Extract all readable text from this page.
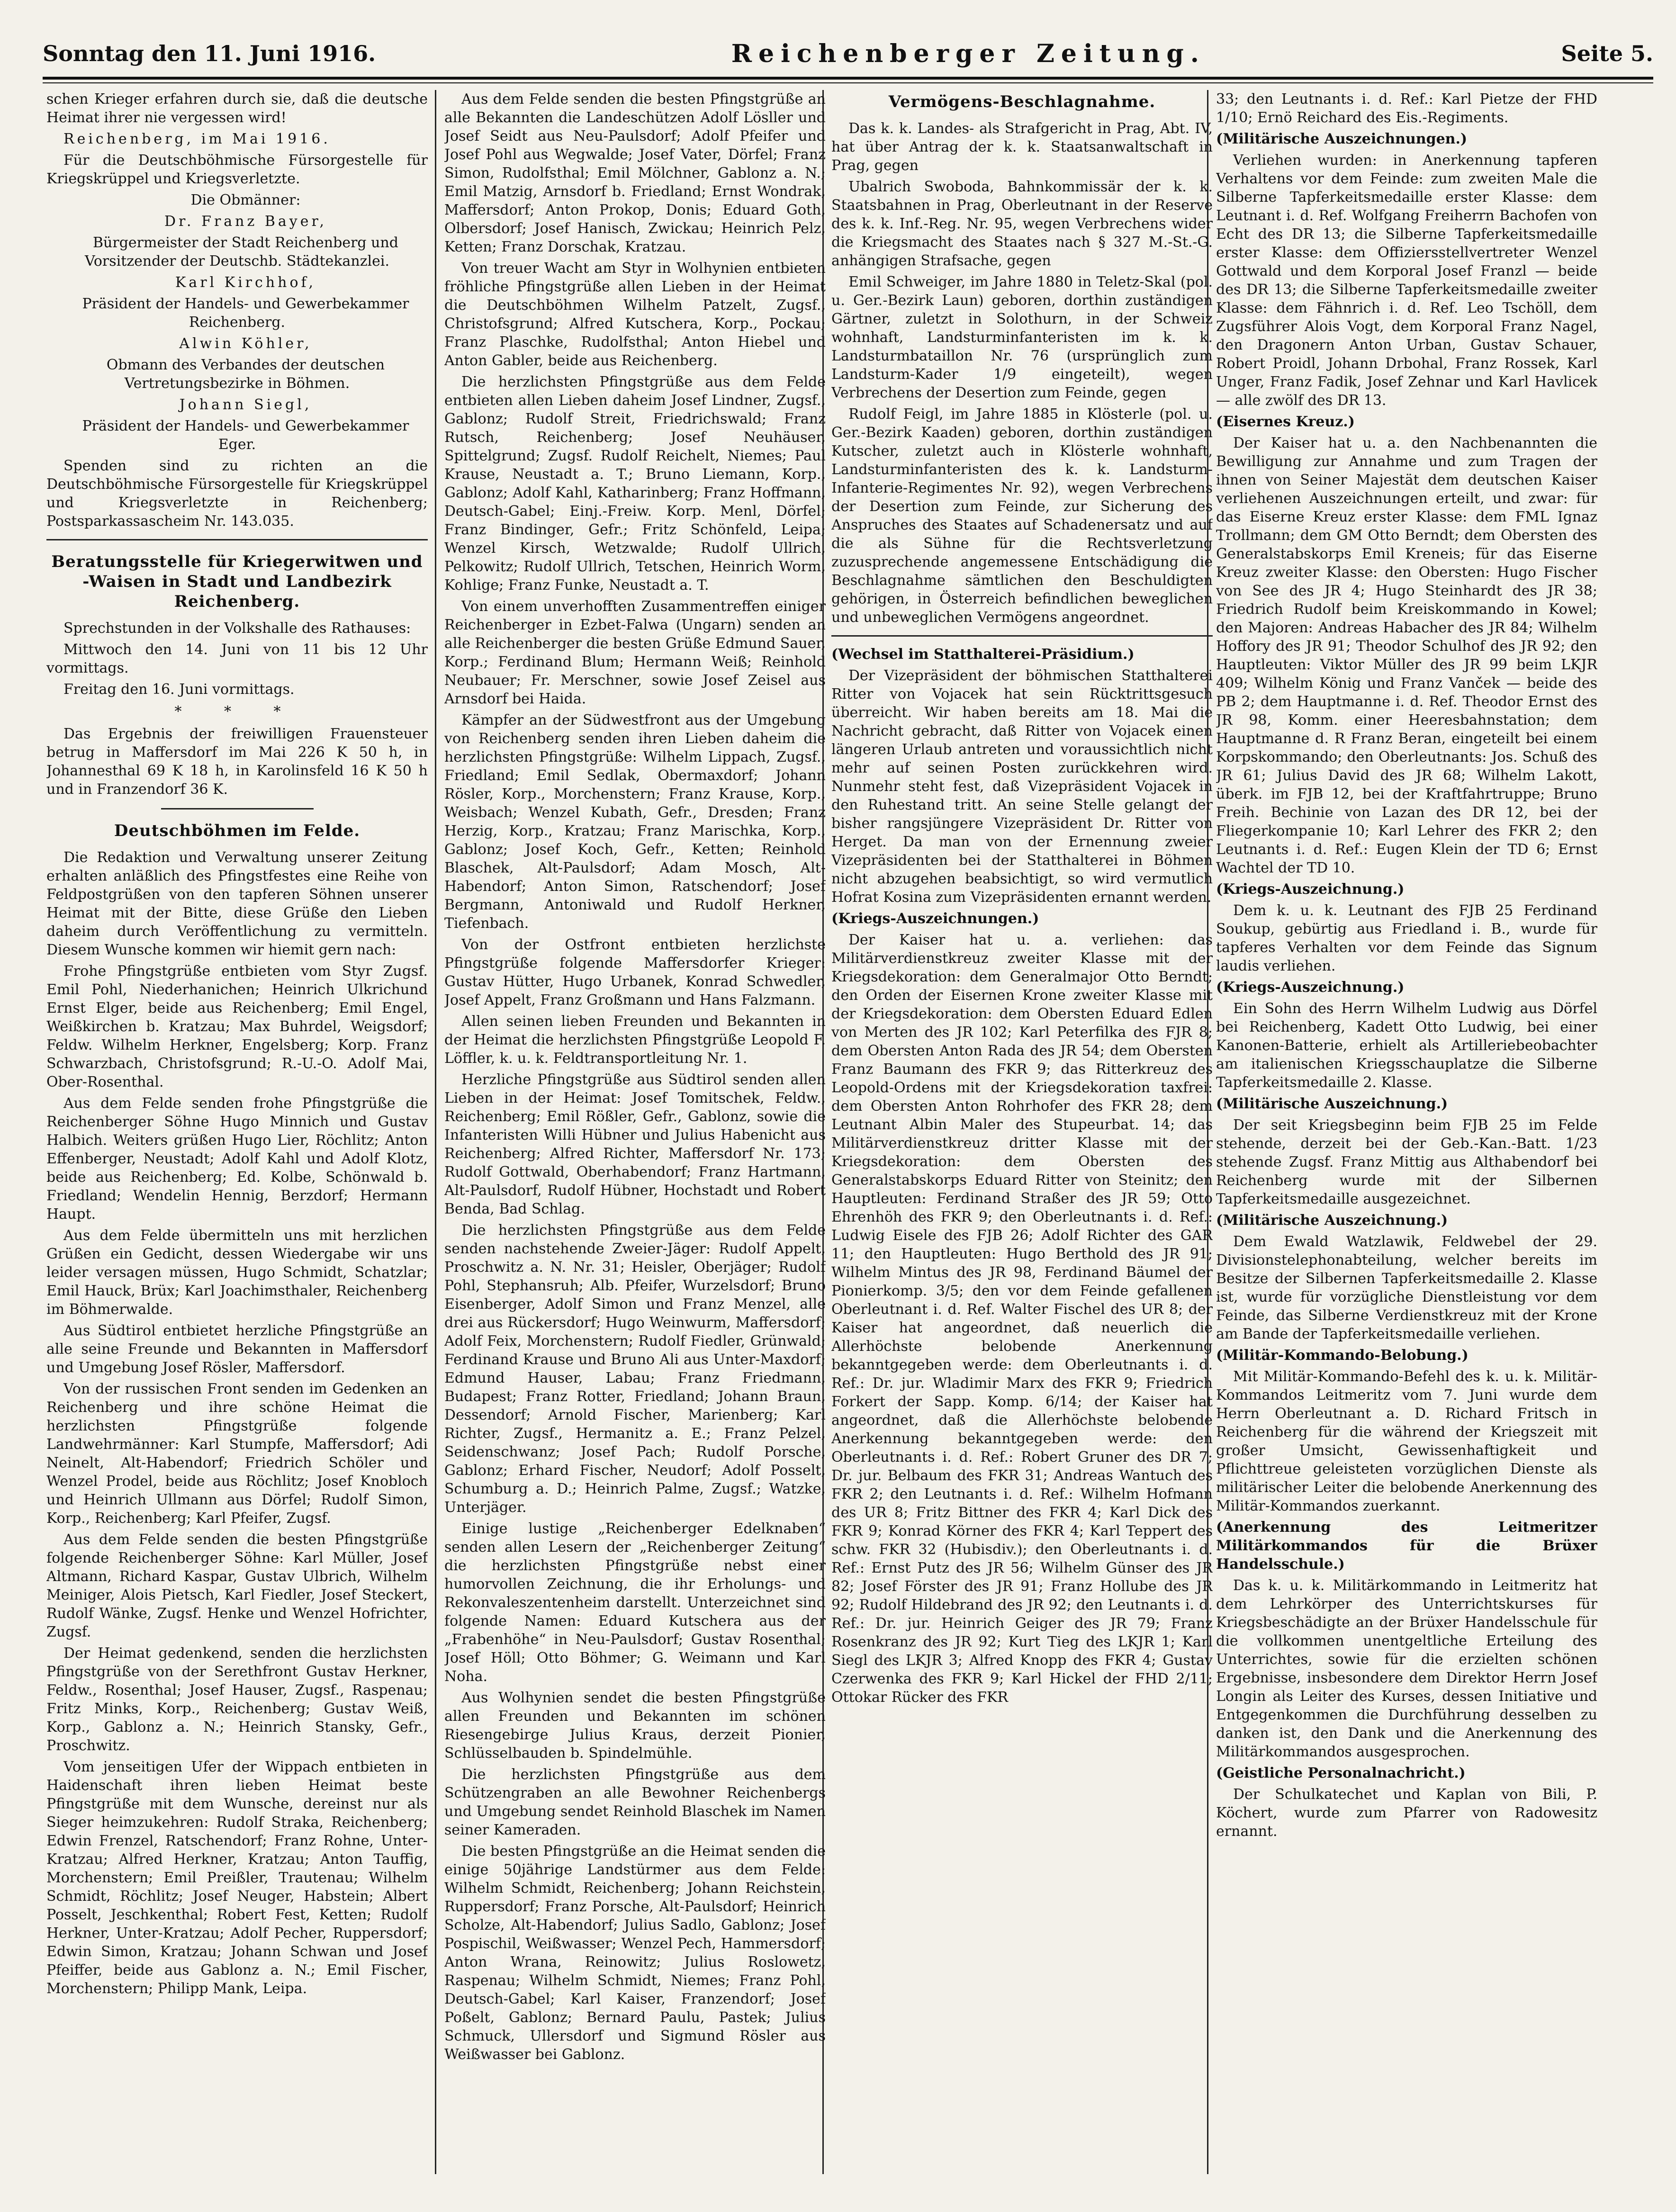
Sonntag den 11. Juni 1916.	Reichenberger Zeitung.	Seite 5.

schen Krieger erfahren durch sie, daß die deutsche Heimat ihrer nie vergessen wird!

Reichenberg, im Mai 1916.

Für die Deutschböhmische Fürsorgestelle für Kriegskrüppel und Kriegsverletzte.

Die Obmänner:

Dr. Franz Bayer,

Bürgermeister der Stadt Reichenberg und Vorsitzender der Deutschb. Städtekanzlei.

Karl Kirchhof,

Präsident der Handels- und Gewerbekammer Reichenberg.

Alwin Köhler,

Obmann des Verbandes der deutschen Vertretungsbezirke in Böhmen.

Johann Siegl,

Präsident der Handels- und Gewerbekammer Eger.

Spenden sind zu richten an die Deutschböhmische Fürsorgestelle für Kriegskrüppel und Kriegsverletzte in Reichenberg; Postsparkassascheim Nr. 143.035.

Beratungsstelle für Kriegerwitwen und -Waisen in Stadt und Landbezirk Reichenberg.

Sprechstunden in der Volkshalle des Rathauses:

Mittwoch den 14. Juni von 11 bis 12 Uhr vormittags.

Freitag den 16. Juni vormittags.

* * *

Das Ergebnis der freiwilligen Frauensteuer betrug in Maffersdorf im Mai 226 K 50 h, in Johannesthal 69 K 18 h, in Karolinsfeld 16 K 50 h und in Franzendorf 36 K.

Deutschböhmen im Felde.

Die Redaktion und Verwaltung unserer Zeitung erhalten anläßlich des Pfingstfestes eine Reihe von Feldpostgrüßen von den tapferen Söhnen unserer Heimat mit der Bitte, diese Grüße den Lieben daheim durch Veröffentlichung zu vermitteln. Diesem Wunsche kommen wir hiemit gern nach:

Frohe Pfingstgrüße entbieten vom Styr Zugsf. Emil Pohl, Niederhanichen; Heinrich Ulkrichund Ernst Elger, beide aus Reichenberg; Emil Engel, Weißkirchen b. Kratzau; Max Buhrdel, Weigsdorf; Feldw. Wilhelm Herkner, Engelsberg; Korp. Franz Schwarzbach, Christofsgrund; R.-U.-O. Adolf Mai, Ober-Rosenthal.

Aus dem Felde senden frohe Pfingstgrüße die Reichenberger Söhne Hugo Minnich und Gustav Halbich. Weiters grüßen Hugo Lier, Röchlitz; Anton Effenberger, Neustadt; Adolf Kahl und Adolf Klotz, beide aus Reichenberg; Ed. Kolbe, Schönwald b. Friedland; Wendelin Hennig, Berzdorf; Hermann Haupt.

Aus dem Felde übermitteln uns mit herzlichen Grüßen ein Gedicht, dessen Wiedergabe wir uns leider versagen müssen, Hugo Schmidt, Schatzlar; Emil Hauck, Brüx; Karl Joachimsthaler, Reichenberg im Böhmerwalde.

Aus Südtirol entbietet herzliche Pfingstgrüße an alle seine Freunde und Bekannten in Maffersdorf und Umgebung Josef Rösler, Maffersdorf.

Von der russischen Front senden im Gedenken an Reichenberg und ihre schöne Heimat die herzlichsten Pfingstgrüße folgende Landwehrmänner: Karl Stumpfe, Maffersdorf; Adi Neinelt, Alt-Habendorf; Friedrich Schöler und Wenzel Prodel, beide aus Röchlitz; Josef Knobloch und Heinrich Ullmann aus Dörfel; Rudolf Simon, Korp., Reichenberg; Karl Pfeifer, Zugsf.

Aus dem Felde senden die besten Pfingstgrüße folgende Reichenberger Söhne: Karl Müller, Josef Altmann, Richard Kaspar, Gustav Ulbrich, Wilhelm Meiniger, Alois Pietsch, Karl Fiedler, Josef Steckert, Rudolf Wänke, Zugsf. Henke und Wenzel Hofrichter, Zugsf.

Der Heimat gedenkend, senden die herzlichsten Pfingstgrüße von der Serethfront Gustav Herkner, Feldw., Rosenthal; Josef Hauser, Zugsf., Raspenau; Fritz Minks, Korp., Reichenberg; Gustav Weiß, Korp., Gablonz a. N.; Heinrich Stansky, Gefr., Proschwitz.

Vom jenseitigen Ufer der Wippach entbieten in Haidenschaft ihren lieben Heimat beste Pfingstgrüße mit dem Wunsche, dereinst nur als Sieger heimzukehren: Rudolf Straka, Reichenberg; Edwin Frenzel, Ratschendorf; Franz Rohne, Unter-Kratzau; Alfred Herkner, Kratzau; Anton Tauffig, Morchenstern; Emil Preißler, Trautenau; Wilhelm Schmidt, Röchlitz; Josef Neuger, Habstein; Albert Posselt, Jeschkenthal; Robert Fest, Ketten; Rudolf Herkner, Unter-Kratzau; Adolf Pecher, Ruppersdorf; Edwin Simon, Kratzau; Johann Schwan und Josef Pfeiffer, beide aus Gablonz a. N.; Emil Fischer, Morchenstern; Philipp Mank, Leipa.

Aus dem Felde senden die besten Pfingstgrüße an alle Bekannten die Landeschützen Adolf Lösller und Josef Seidt aus Neu-Paulsdorf; Adolf Pfeifer und Josef Pohl aus Wegwalde; Josef Vater, Dörfel; Franz Simon, Rudolfsthal; Emil Mölchner, Gablonz a. N.; Emil Matzig, Arnsdorf b. Friedland; Ernst Wondrak, Maffersdorf; Anton Prokop, Donis; Eduard Goth, Olbersdorf; Josef Hanisch, Zwickau; Heinrich Pelz, Ketten; Franz Dorschak, Kratzau.

Von treuer Wacht am Styr in Wolhynien entbieten fröhliche Pfingstgrüße allen Lieben in der Heimat die Deutschböhmen Wilhelm Patzelt, Zugsf., Christofsgrund; Alfred Kutschera, Korp., Pockau; Franz Plaschke, Rudolfsthal; Anton Hiebel und Anton Gabler, beide aus Reichenberg.

Die herzlichsten Pfingstgrüße aus dem Felde entbieten allen Lieben daheim Josef Lindner, Zugsf., Gablonz; Rudolf Streit, Friedrichswald; Franz Rutsch, Reichenberg; Josef Neuhäuser, Spittelgrund; Zugsf. Rudolf Reichelt, Niemes; Paul Krause, Neustadt a. T.; Bruno Liemann, Korp., Gablonz; Adolf Kahl, Katharinberg; Franz Hoffmann, Deutsch-Gabel; Einj.-Freiw. Korp. Menl, Dörfel; Franz Bindinger, Gefr.; Fritz Schönfeld, Leipa; Wenzel Kirsch, Wetzwalde; Rudolf Ullrich, Pelkowitz; Rudolf Ullrich, Tetschen, Heinrich Worm, Kohlige; Franz Funke, Neustadt a. T.

Von einem unverhofften Zusammentreffen einiger Reichenberger in Ezbet-Falwa (Ungarn) senden an alle Reichenberger die besten Grüße Edmund Sauer, Korp.; Ferdinand Blum; Hermann Weiß; Reinhold Neubauer; Fr. Merschner, sowie Josef Zeisel aus Arnsdorf bei Haida.

Kämpfer an der Südwestfront aus der Umgebung von Reichenberg senden ihren Lieben daheim die herzlichsten Pfingstgrüße: Wilhelm Lippach, Zugsf., Friedland; Emil Sedlak, Obermaxdorf; Johann Rösler, Korp., Morchenstern; Franz Krause, Korp., Weisbach; Wenzel Kubath, Gefr., Dresden; Franz Herzig, Korp., Kratzau; Franz Marischka, Korp., Gablonz; Josef Koch, Gefr., Ketten; Reinhold Blaschek, Alt-Paulsdorf; Adam Mosch, Alt-Habendorf; Anton Simon, Ratschendorf; Josef Bergmann, Antoniwald und Rudolf Herkner, Tiefenbach.

Von der Ostfront entbieten herzlichste Pfingstgrüße folgende Maffersdorfer Krieger: Gustav Hütter, Hugo Urbanek, Konrad Schwedler, Josef Appelt, Franz Großmann und Hans Falzmann.

Allen seinen lieben Freunden und Bekannten in der Heimat die herzlichsten Pfingstgrüße Leopold F. Löffler, k. u. k. Feldtransportleitung Nr. 1.

Herzliche Pfingstgrüße aus Südtirol senden allen Lieben in der Heimat: Josef Tomitschek, Feldw., Reichenberg; Emil Rößler, Gefr., Gablonz, sowie die Infanteristen Willi Hübner und Julius Habenicht aus Reichenberg; Alfred Richter, Maffersdorf Nr. 173; Rudolf Gottwald, Oberhabendorf; Franz Hartmann, Alt-Paulsdorf, Rudolf Hübner, Hochstadt und Robert Benda, Bad Schlag.

Die herzlichsten Pfingstgrüße aus dem Felde senden nachstehende Zweier-Jäger: Rudolf Appelt, Proschwitz a. N. Nr. 31; Heisler, Oberjäger; Rudolf Pohl, Stephansruh; Alb. Pfeifer, Wurzelsdorf; Bruno Eisenberger, Adolf Simon und Franz Menzel, alle drei aus Rückersdorf; Hugo Weinwurm, Maffersdorf; Adolf Feix, Morchenstern; Rudolf Fiedler, Grünwald; Ferdinand Krause und Bruno Ali aus Unter-Maxdorf; Edmund Hauser, Labau; Franz Friedmann, Budapest; Franz Rotter, Friedland; Johann Braun, Dessendorf; Arnold Fischer, Marienberg; Karl Richter, Zugsf., Hermanitz a. E.; Franz Pelzel, Seidenschwanz; Josef Pach; Rudolf Porsche, Gablonz; Erhard Fischer, Neudorf; Adolf Posselt, Schumburg a. D.; Heinrich Palme, Zugsf.; Watzke, Unterjäger.

Einige lustige „Reichenberger Edelknaben“ senden allen Lesern der „Reichenberger Zeitung“ die herzlichsten Pfingstgrüße nebst einer humorvollen Zeichnung, die ihr Erholungs- und Rekonvaleszentenheim darstellt. Unterzeichnet sind folgende Namen: Eduard Kutschera aus der „Frabenhöhe“ in Neu-Paulsdorf; Gustav Rosenthal; Josef Höll; Otto Böhmer; G. Weimann und Karl Noha.

Aus Wolhynien sendet die besten Pfingstgrüße allen Freunden und Bekannten im schönen Riesengebirge Julius Kraus, derzeit Pionier, Schlüsselbauden b. Spindelmühle.

Die herzlichsten Pfingstgrüße aus dem Schützengraben an alle Bewohner Reichenbergs und Umgebung sendet Reinhold Blaschek im Namen seiner Kameraden.

Die besten Pfingstgrüße an die Heimat senden die einige 50jährige Landstürmer aus dem Felde: Wilhelm Schmidt, Reichenberg; Johann Reichstein, Ruppersdorf; Franz Porsche, Alt-Paulsdorf; Heinrich Scholze, Alt-Habendorf; Julius Sadlo, Gablonz; Josef Pospischil, Weißwasser; Wenzel Pech, Hammersdorf; Anton Wrana, Reinowitz; Julius Roslowetz, Raspenau; Wilhelm Schmidt, Niemes; Franz Pohl, Deutsch-Gabel; Karl Kaiser, Franzendorf; Josef Poßelt, Gablonz; Bernard Paulu, Pastek; Julius Schmuck, Ullersdorf und Sigmund Rösler aus Weißwasser bei Gablonz.

Vermögens-Beschlagnahme.

Das k. k. Landes- als Strafgericht in Prag, Abt. IV, hat über Antrag der k. k. Staatsanwaltschaft in Prag, gegen

Ubalrich Swoboda, Bahnkommissär der k. k. Staatsbahnen in Prag, Oberleutnant in der Reserve des k. k. Inf.-Reg. Nr. 95, wegen Verbrechens wider die Kriegsmacht des Staates nach § 327 M.-St.-G. anhängigen Strafsache, gegen

Emil Schweiger, im Jahre 1880 in Teletz-Skal (pol. u. Ger.-Bezirk Laun) geboren, dorthin zuständigen Gärtner, zuletzt in Solothurn, in der Schweiz wohnhaft, Landsturminfanteristen im k. k. Landsturmbataillon Nr. 76 (ursprünglich zum Landsturm-Kader 1/9 eingeteilt), wegen Verbrechens der Desertion zum Feinde, gegen

Rudolf Feigl, im Jahre 1885 in Klösterle (pol. u. Ger.-Bezirk Kaaden) geboren, dorthin zuständigen Kutscher, zuletzt auch in Klösterle wohnhaft, Landsturminfanteristen des k. k. Landsturm-Infanterie-Regimentes Nr. 92), wegen Verbrechens der Desertion zum Feinde, zur Sicherung des Anspruches des Staates auf Schadenersatz und auf die als Sühne für die Rechtsverletzung zuzusprechende angemessene Entschädigung die Beschlagnahme sämtlichen den Beschuldigten gehörigen, in Österreich befindlichen beweglichen und unbeweglichen Vermögens angeordnet.

(Wechsel im Statthalterei-Präsidium.)

Der Vizepräsident der böhmischen Statthalterei Ritter von Vojacek hat sein Rücktrittsgesuch überreicht. Wir haben bereits am 18. Mai die Nachricht gebracht, daß Ritter von Vojacek einen längeren Urlaub antreten und voraussichtlich nicht mehr auf seinen Posten zurückkehren wird. Nunmehr steht fest, daß Vizepräsident Vojacek in den Ruhestand tritt. An seine Stelle gelangt der bisher rangsjüngere Vizepräsident Dr. Ritter von Herget. Da man von der Ernennung zweier Vizepräsidenten bei der Statthalterei in Böhmen nicht abzugehen beabsichtigt, so wird vermutlich Hofrat Kosina zum Vizepräsidenten ernannt werden.

(Kriegs-Auszeichnungen.)

Der Kaiser hat u. a. verliehen: das Militärverdienstkreuz zweiter Klasse mit der Kriegsdekoration: dem Generalmajor Otto Berndt; den Orden der Eisernen Krone zweiter Klasse mit der Kriegsdekoration: dem Obersten Eduard Edlen von Merten des JR 102; Karl Peterfilka des FJR 8; dem Obersten Anton Rada des JR 54; dem Obersten Franz Baumann des FKR 9; das Ritterkreuz des Leopold-Ordens mit der Kriegsdekoration taxfrei: dem Obersten Anton Rohrhofer des FKR 28; dem Leutnant Albin Maler des Stupeurbat. 14; das Militärverdienstkreuz dritter Klasse mit der Kriegsdekoration: dem Obersten des Generalstabskorps Eduard Ritter von Steinitz; den Hauptleuten: Ferdinand Straßer des JR 59; Otto Ehrenhöh des FKR 9; den Oberleutnants i. d. Ref.: Ludwig Eisele des FJB 26; Adolf Richter des GAR 11; den Hauptleuten: Hugo Berthold des JR 91; Wilhelm Mintus des JR 98, Ferdinand Bäumel der Pionierkomp. 3/5; den vor dem Feinde gefallenen Oberleutnant i. d. Ref. Walter Fischel des UR 8; der Kaiser hat angeordnet, daß neuerlich die Allerhöchste belobende Anerkennung bekanntgegeben werde: dem Oberleutnants i. d. Ref.: Dr. jur. Wladimir Marx des FKR 9; Friedrich Forkert der Sapp. Komp. 6/14; der Kaiser hat angeordnet, daß die Allerhöchste belobende Anerkennung bekanntgegeben werde: den Oberleutnants i. d. Ref.: Robert Gruner des DR 7; Dr. jur. Belbaum des FKR 31; Andreas Wantuch des FKR 2; den Leutnants i. d. Ref.: Wilhelm Hofmann des UR 8; Fritz Bittner des FKR 4; Karl Dick des FKR 9; Konrad Körner des FKR 4; Karl Teppert des schw. FKR 32 (Hubisdiv.); den Oberleutnants i. d. Ref.: Ernst Putz des JR 56; Wilhelm Günser des JR 82; Josef Förster des JR 91; Franz Hollube des JR 92; Rudolf Hildebrand des JR 92; den Leutnants i. d. Ref.: Dr. jur. Heinrich Geiger des JR 79; Franz Rosenkranz des JR 92; Kurt Tieg des LKJR 1; Karl Siegl des LKJR 3; Alfred Knopp des FKR 4; Gustav Czerwenka des FKR 9; Karl Hickel der FHD 2/11; Ottokar Rücker des FKR

33; den Leutnants i. d. Ref.: Karl Pietze der FHD 1/10; Ernö Reichard des Eis.-Regiments.

(Militärische Auszeichnungen.)

Verliehen wurden: in Anerkennung tapferen Verhaltens vor dem Feinde: zum zweiten Male die Silberne Tapferkeitsmedaille erster Klasse: dem Leutnant i. d. Ref. Wolfgang Freiherrn Bachofen von Echt des DR 13; die Silberne Tapferkeitsmedaille erster Klasse: dem Offiziersstellvertreter Wenzel Gottwald und dem Korporal Josef Franzl — beide des DR 13; die Silberne Tapferkeitsmedaille zweiter Klasse: dem Fähnrich i. d. Ref. Leo Tschöll, dem Zugsführer Alois Vogt, dem Korporal Franz Nagel, den Dragonern Anton Urban, Gustav Schauer, Robert Proidl, Johann Drbohal, Franz Rossek, Karl Unger, Franz Fadik, Josef Zehnar und Karl Havlicek — alle zwölf des DR 13.

(Eisernes Kreuz.)

Der Kaiser hat u. a. den Nachbenannten die Bewilligung zur Annahme und zum Tragen der ihnen von Seiner Majestät dem deutschen Kaiser verliehenen Auszeichnungen erteilt, und zwar: für das Eiserne Kreuz erster Klasse: dem FML Ignaz Trollmann; dem GM Otto Berndt; dem Obersten des Generalstabskorps Emil Kreneis; für das Eiserne Kreuz zweiter Klasse: den Obersten: Hugo Fischer von See des JR 4; Hugo Steinhardt des JR 38; Friedrich Rudolf beim Kreiskommando in Kowel; den Majoren: Andreas Habacher des JR 84; Wilhelm Hoffory des JR 91; Theodor Schulhof des JR 92; den Hauptleuten: Viktor Müller des JR 99 beim LKJR 409; Wilhelm König und Franz Vanček — beide des PB 2; dem Hauptmanne i. d. Ref. Theodor Ernst des JR 98, Komm. einer Heeresbahnstation; dem Hauptmanne d. R Franz Beran, eingeteilt bei einem Korpskommando; den Oberleutnants: Jos. Schuß des JR 61; Julius David des JR 68; Wilhelm Lakott, überk. im FJB 12, bei der Kraftfahrtruppe; Bruno Freih. Bechinie von Lazan des DR 12, bei der Fliegerkompanie 10; Karl Lehrer des FKR 2; den Leutnants i. d. Ref.: Eugen Klein der TD 6; Ernst Wachtel der TD 10.

(Kriegs-Auszeichnung.)

Dem k. u. k. Leutnant des FJB 25 Ferdinand Soukup, gebürtig aus Friedland i. B., wurde für tapferes Verhalten vor dem Feinde das Signum laudis verliehen.

(Kriegs-Auszeichnung.)

Ein Sohn des Herrn Wilhelm Ludwig aus Dörfel bei Reichenberg, Kadett Otto Ludwig, bei einer Kanonen-Batterie, erhielt als Artilleriebeobachter am italienischen Kriegsschauplatze die Silberne Tapferkeitsmedaille 2. Klasse.

(Militärische Auszeichnung.)

Der seit Kriegsbeginn beim FJB 25 im Felde stehende, derzeit bei der Geb.-Kan.-Batt. 1/23 stehende Zugsf. Franz Mittig aus Althabendorf bei Reichenberg wurde mit der Silbernen Tapferkeitsmedaille ausgezeichnet.

(Militärische Auszeichnung.)

Dem Ewald Watzlawik, Feldwebel der 29. Divisionstelephonabteilung, welcher bereits im Besitze der Silbernen Tapferkeitsmedaille 2. Klasse ist, wurde für vorzügliche Dienstleistung vor dem Feinde, das Silberne Verdienstkreuz mit der Krone am Bande der Tapferkeitsmedaille verliehen.

(Militär-Kommando-Belobung.)

Mit Militär-Kommando-Befehl des k. u. k. Militär-Kommandos Leitmeritz vom 7. Juni wurde dem Herrn Oberleutnant a. D. Richard Fritsch in Reichenberg für die während der Kriegszeit mit großer Umsicht, Gewissenhaftigkeit und Pflichttreue geleisteten vorzüglichen Dienste als militärischer Leiter die belobende Anerkennung des Militär-Kommandos zuerkannt.

(Anerkennung des Leitmeritzer Militärkommandos für die Brüxer Handelsschule.)

Das k. u. k. Militärkommando in Leitmeritz hat dem Lehrkörper des Unterrichtskurses für Kriegsbeschädigte an der Brüxer Handelsschule für die vollkommen unentgeltliche Erteilung des Unterrichtes, sowie für die erzielten schönen Ergebnisse, insbesondere dem Direktor Herrn Josef Longin als Leiter des Kurses, dessen Initiative und Entgegenkommen die Durchführung desselben zu danken ist, den Dank und die Anerkennung des Militärkommandos ausgesprochen.

(Geistliche Personalnachricht.)

Der Schulkatechet und Kaplan von Bili, P. Köchert, wurde zum Pfarrer von Radowesitz ernannt.
